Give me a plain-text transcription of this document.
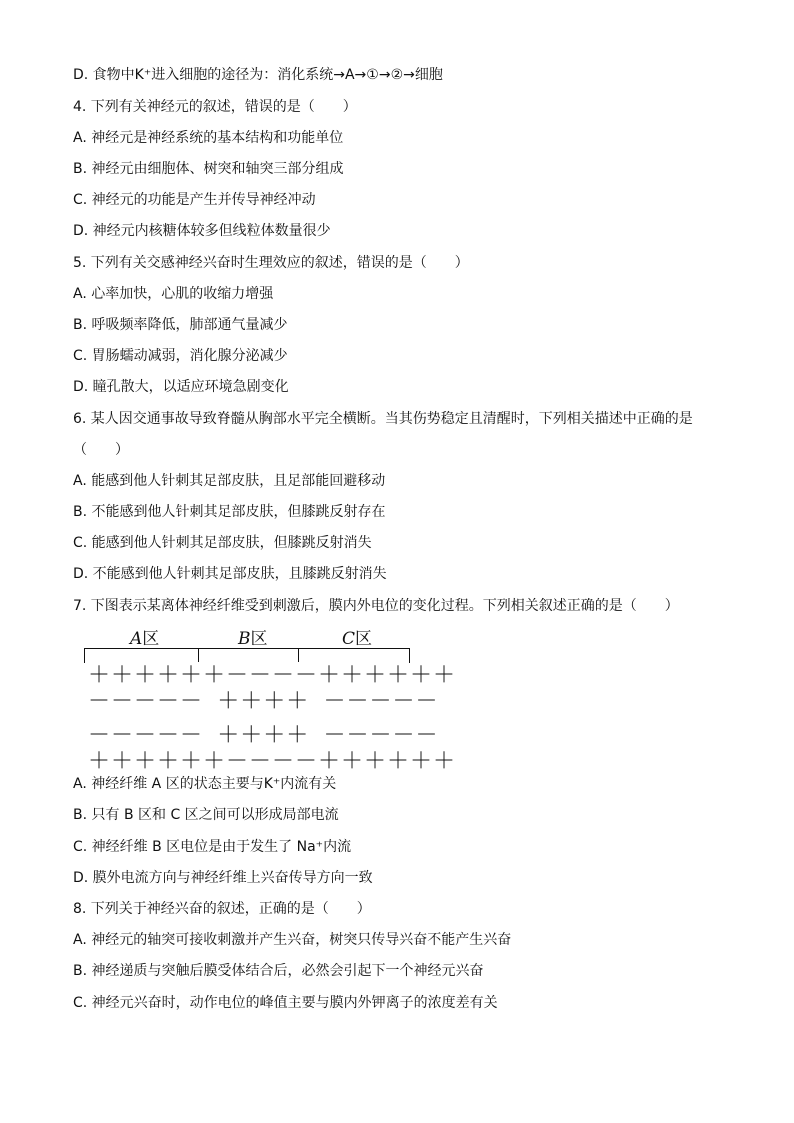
D. 食物中K⁺进入细胞的途径为：消化系统→A→①→②→细胞
4. 下列有关神经元的叙述，错误的是（　　）
A. 神经元是神经系统的基本结构和功能单位
B. 神经元由细胞体、树突和轴突三部分组成
C. 神经元的功能是产生并传导神经冲动
D. 神经元内核糖体较多但线粒体数量很少
5. 下列有关交感神经兴奋时生理效应的叙述，错误的是（　　）
A. 心率加快，心肌的收缩力增强
B. 呼吸频率降低，肺部通气量减少
C. 胃肠蠕动减弱，消化腺分泌减少
D. 瞳孔散大，以适应环境急剧变化
6. 某人因交通事故导致脊髓从胸部水平完全横断。当其伤势稳定且清醒时，下列相关描述中正确的是
（　　）
A. 能感到他人针刺其足部皮肤，且足部能回避移动
B. 不能感到他人针刺其足部皮肤，但膝跳反射存在
C. 能感到他人针刺其足部皮肤，但膝跳反射消失
D. 不能感到他人针刺其足部皮肤，且膝跳反射消失
7. 下图表示某离体神经纤维受到刺激后，膜内外电位的变化过程。下列相关叙述正确的是（　　）
A区	B区	C区
＋＋＋＋＋＋－－－－＋＋＋＋＋＋
－－－－－ ＋＋＋＋ －－－－－
－－－－－ ＋＋＋＋ －－－－－
＋＋＋＋＋＋－－－－＋＋＋＋＋＋
A. 神经纤维 A 区的状态主要与K⁺内流有关
B. 只有 B 区和 C 区之间可以形成局部电流
C. 神经纤维 B 区电位是由于发生了 Na⁺内流
D. 膜外电流方向与神经纤维上兴奋传导方向一致
8. 下列关于神经兴奋的叙述，正确的是（　　）
A. 神经元的轴突可接收刺激并产生兴奋，树突只传导兴奋不能产生兴奋
B. 神经递质与突触后膜受体结合后，必然会引起下一个神经元兴奋
C. 神经元兴奋时，动作电位的峰值主要与膜内外钾离子的浓度差有关
